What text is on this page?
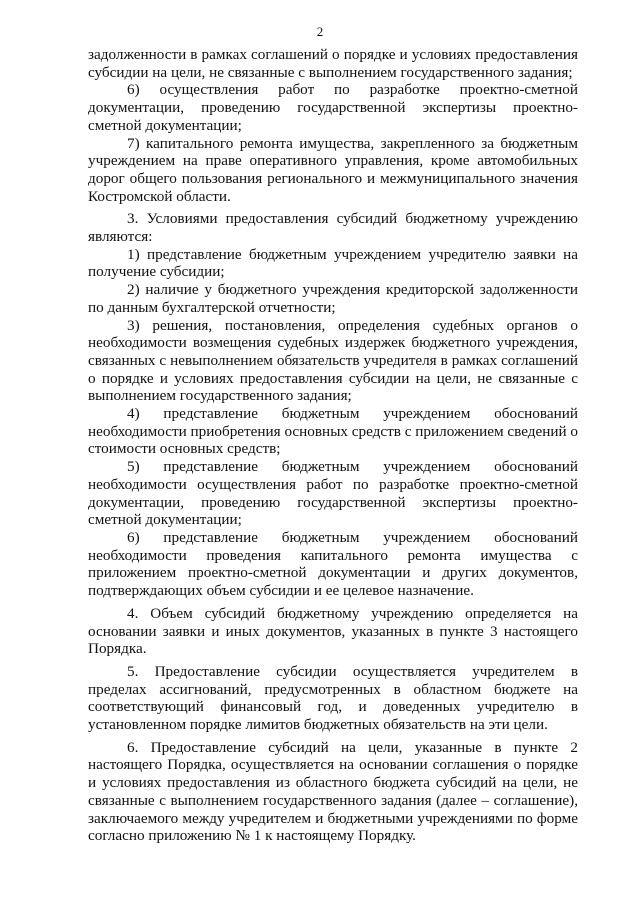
2

задолженности в рамках соглашений о порядке и условиях предоставления субсидии на цели, не связанные с выполнением государственного задания;

6) осуществления работ по разработке проектно-сметной документации, проведению государственной экспертизы проектно-сметной документации;

7) капитального ремонта имущества, закрепленного за бюджетным учреждением на праве оперативного управления, кроме автомобильных дорог общего пользования регионального и межмуниципального значения Костромской области.

3. Условиями предоставления субсидий бюджетному учреждению являются:

1) представление бюджетным учреждением учредителю заявки на получение субсидии;

2) наличие у бюджетного учреждения кредиторской задолженности по данным бухгалтерской отчетности;

3) решения, постановления, определения судебных органов о необходимости возмещения судебных издержек бюджетного учреждения, связанных с невыполнением обязательств учредителя в рамках соглашений о порядке и условиях предоставления субсидии на цели, не связанные с выполнением государственного задания;

4) представление бюджетным учреждением обоснований необходимости приобретения основных средств с приложением сведений о стоимости основных средств;

5) представление бюджетным учреждением обоснований необходимости осуществления работ по разработке проектно-сметной документации, проведению государственной экспертизы проектно-сметной документации;

6) представление бюджетным учреждением обоснований необходимости проведения капитального ремонта имущества с приложением проектно-сметной документации и других документов, подтверждающих объем субсидии и ее целевое назначение.

4. Объем субсидий бюджетному учреждению определяется на основании заявки и иных документов, указанных в пункте 3 настоящего Порядка.

5. Предоставление субсидии осуществляется учредителем в пределах ассигнований, предусмотренных в областном бюджете на соответствующий финансовый год, и доведенных учредителю в установленном порядке лимитов бюджетных обязательств на эти цели.

6. Предоставление субсидий на цели, указанные в пункте 2 настоящего Порядка, осуществляется на основании соглашения о порядке и условиях предоставления из областного бюджета субсидий на цели, не связанные с выполнением государственного задания (далее – соглашение), заключаемого между учредителем и бюджетными учреждениями по форме согласно приложению № 1 к настоящему Порядку.
